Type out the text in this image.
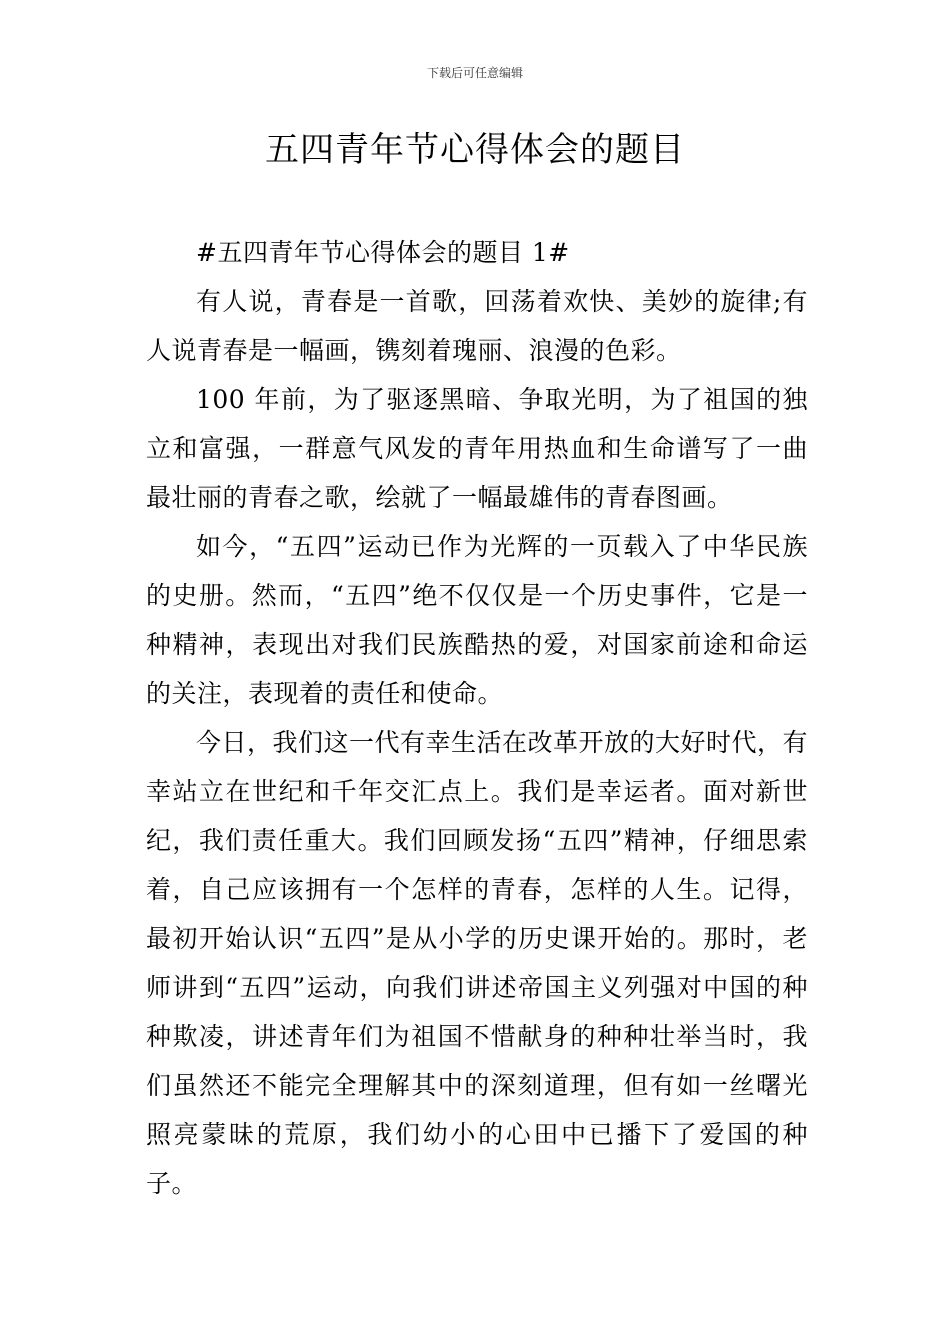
下载后可任意编辑
五四青年节心得体会的题目

#五四青年节心得体会的题目 1#

有人说，青春是一首歌，回荡着欢快、美妙的旋律;有人说青春是一幅画，镌刻着瑰丽、浪漫的色彩。

100 年前，为了驱逐黑暗、争取光明，为了祖国的独立和富强，一群意气风发的青年用热血和生命谱写了一曲最壮丽的青春之歌，绘就了一幅最雄伟的青春图画。

如今，“五四”运动已作为光辉的一页载入了中华民族的史册。然而，“五四”绝不仅仅是一个历史事件，它是一种精神，表现出对我们民族酷热的爱，对国家前途和命运的关注，表现着的责任和使命。

今日，我们这一代有幸生活在改革开放的大好时代，有幸站立在世纪和千年交汇点上。我们是幸运者。面对新世纪，我们责任重大。我们回顾发扬“五四”精神，仔细思索着，自己应该拥有一个怎样的青春，怎样的人生。记得，最初开始认识“五四”是从小学的历史课开始的。那时，老师讲到“五四”运动，向我们讲述帝国主义列强对中国的种种欺凌，讲述青年们为祖国不惜献身的种种壮举当时，我们虽然还不能完全理解其中的深刻道理，但有如一丝曙光照亮蒙昧的荒原，我们幼小的心田中已播下了爱国的种子。
